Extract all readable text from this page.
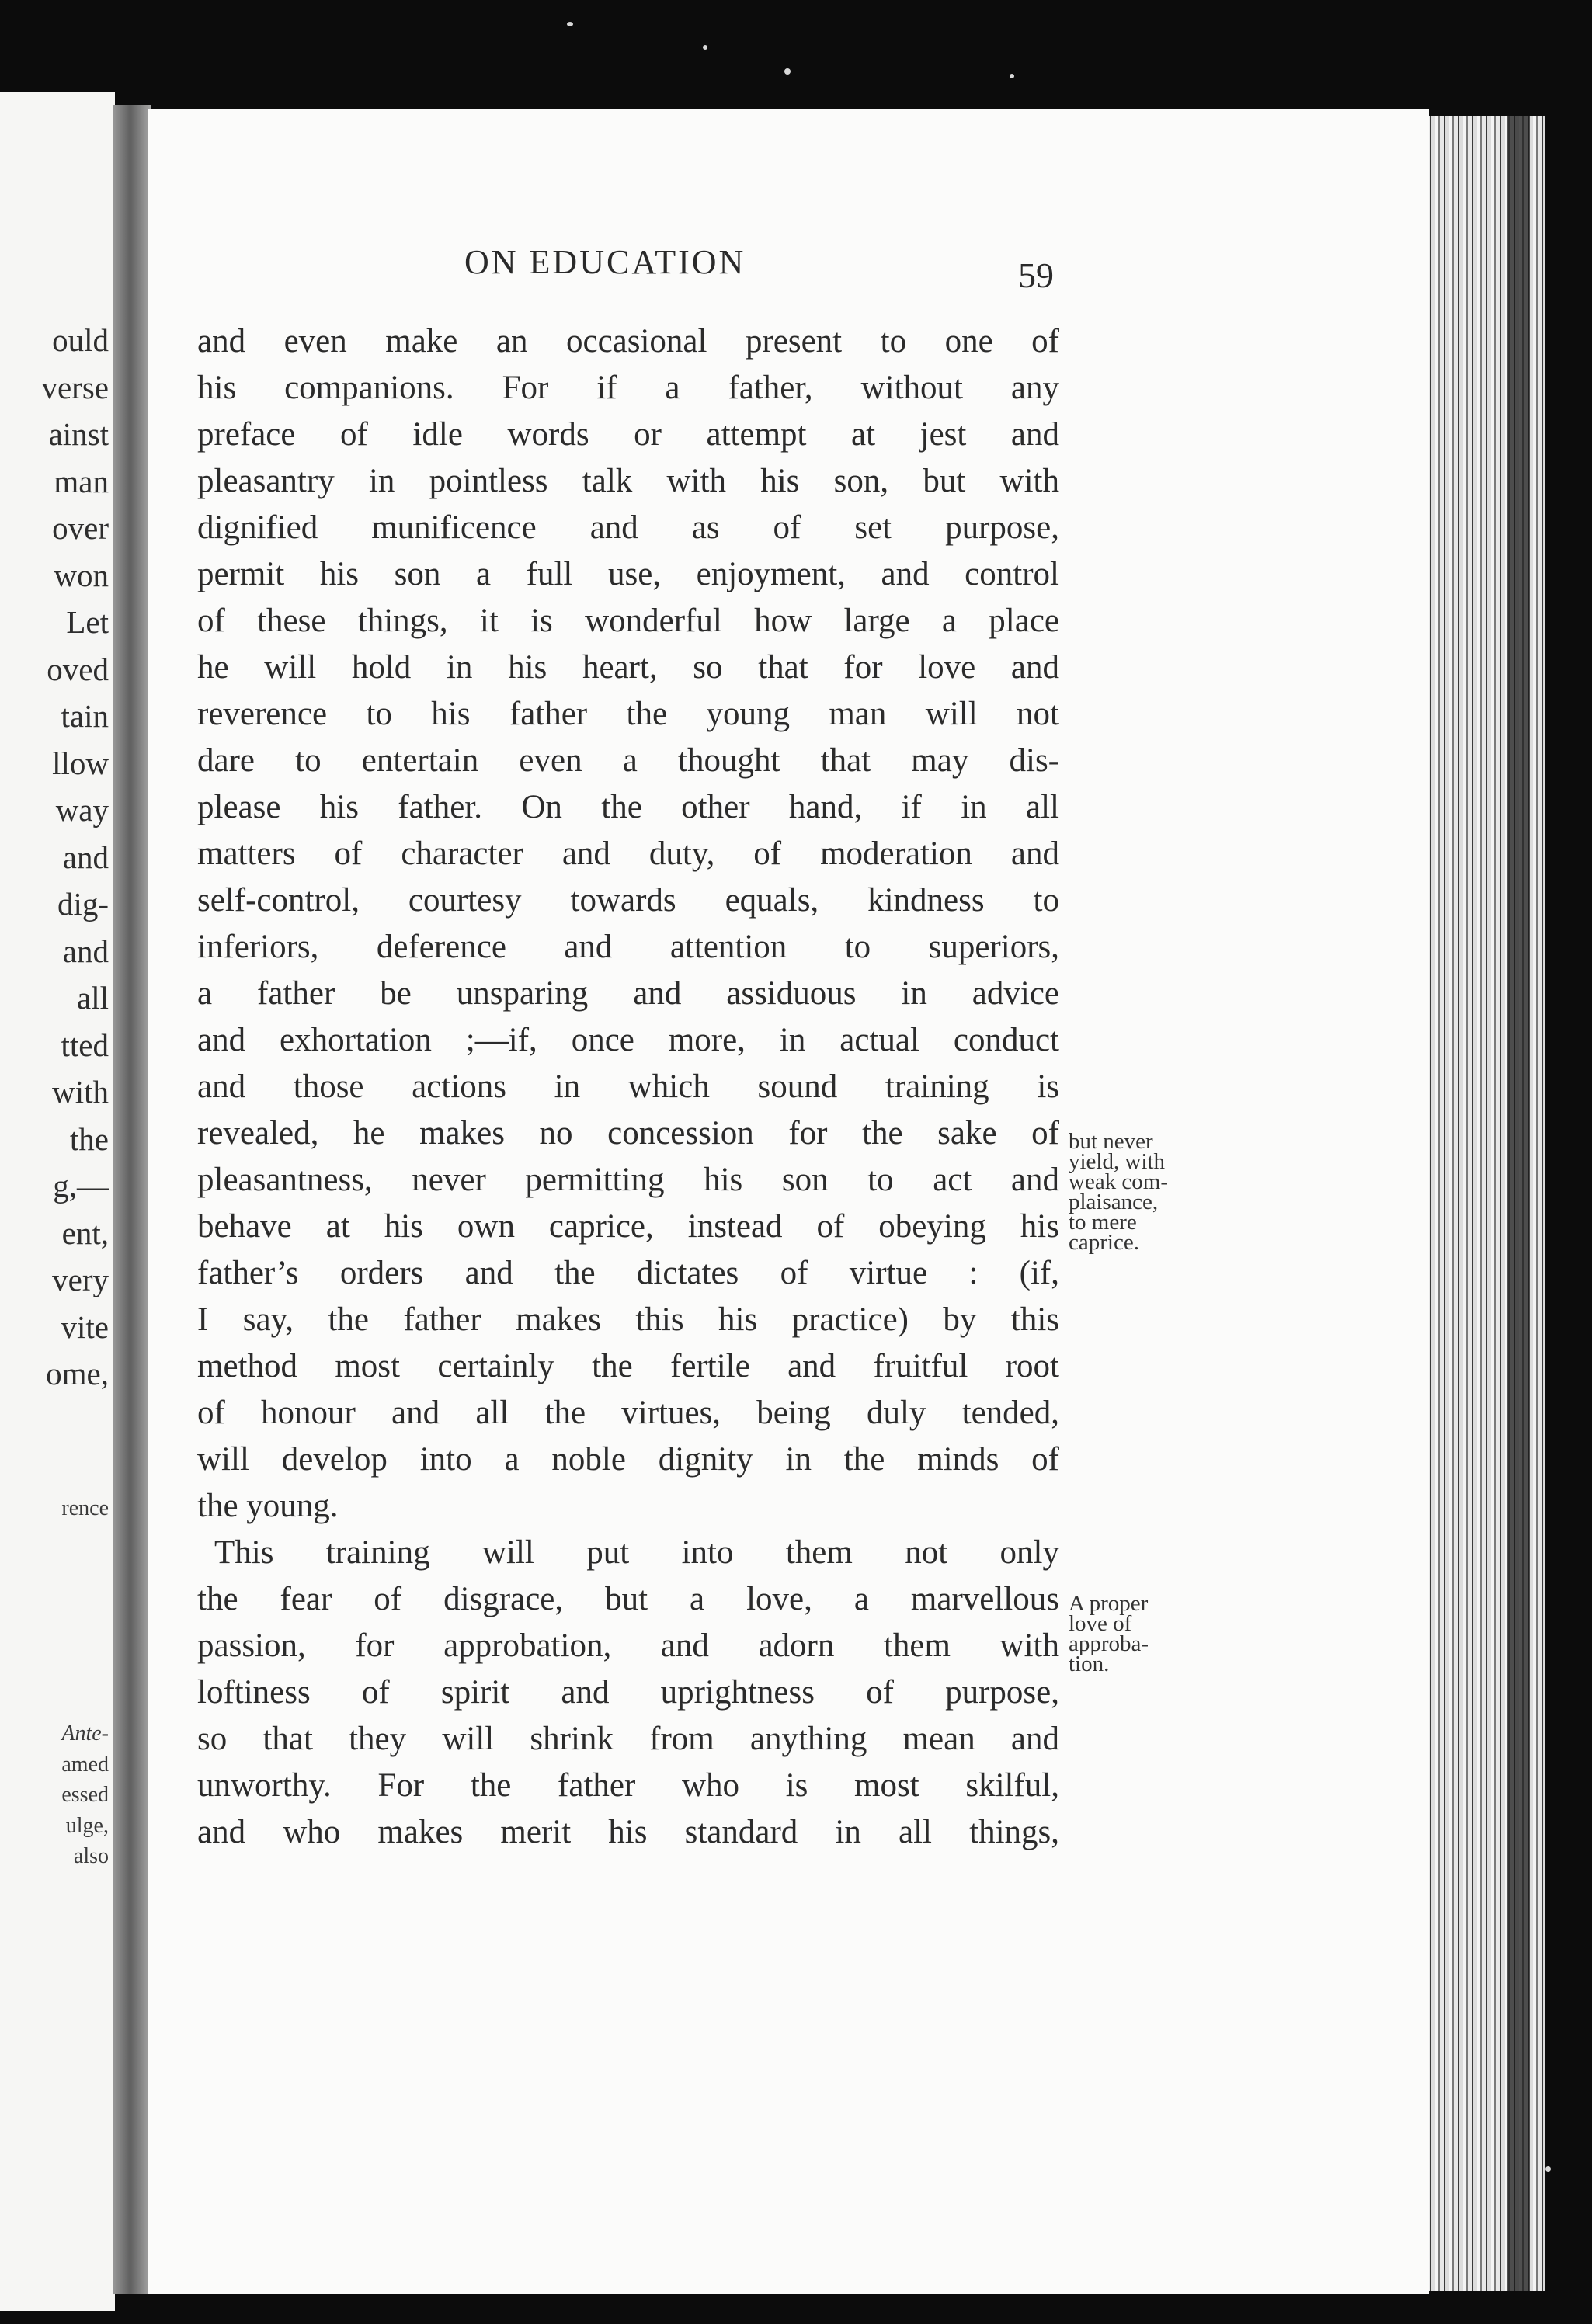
ould
verse
ainst
man
over
won
Let
oved
tain
llow
way
and
dig-
and
all
tted
with
the
g,—
ent,
very
vite
ome,
rence
Ante-
amed
essed
ulge,
also
ON EDUCATION	59
and even make an occasional present to one of
his companions. For if a father, without any
preface of idle words or attempt at jest and
pleasantry in pointless talk with his son, but with
dignified munificence and as of set purpose,
permit his son a full use, enjoyment, and control
of these things, it is wonderful how large a place
he will hold in his heart, so that for love and
reverence to his father the young man will not
dare to entertain even a thought that may dis-
please his father. On the other hand, if in all
matters of character and duty, of moderation and
self-control, courtesy towards equals, kindness to
inferiors, deference and attention to superiors,
a father be unsparing and assiduous in advice
and exhortation ;—if, once more, in actual conduct
and those actions in which sound training is
revealed, he makes no concession for the sake of
pleasantness, never permitting his son to act and
behave at his own caprice, instead of obeying his
father’s orders and the dictates of virtue : (if,
I say, the father makes this his practice) by this
method most certainly the fertile and fruitful root
of honour and all the virtues, being duly tended,
will develop into a noble dignity in the minds of
the young.
This training will put into them not only
the fear of disgrace, but a love, a marvellous
passion, for approbation, and adorn them with
loftiness of spirit and uprightness of purpose,
so that they will shrink from anything mean and
unworthy. For the father who is most skilful,
and who makes merit his standard in all things,
but never
yield, with
weak com-
plaisance,
to mere
caprice.
A proper
love of
approba-
tion.
